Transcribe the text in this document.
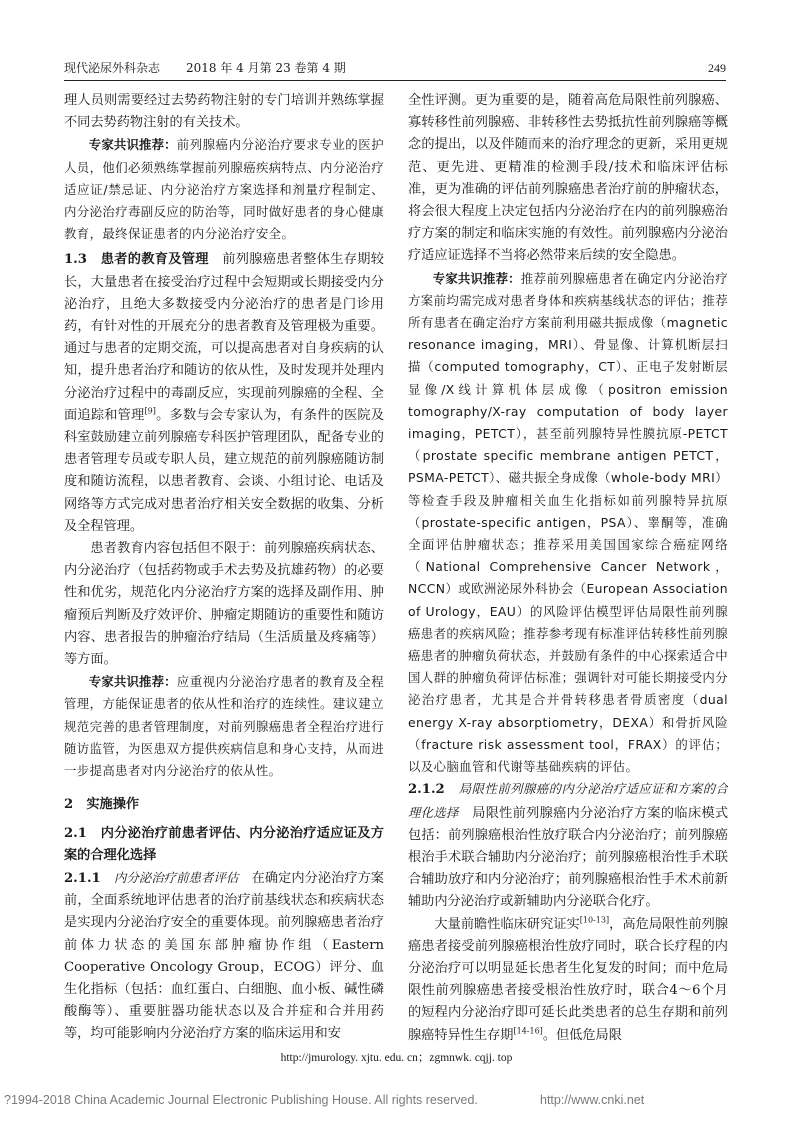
现代泌尿外科杂志 2018 年 4 月第 23 卷第 4 期	249

理人员则需要经过去势药物注射的专门培训并熟练掌握不同去势药物注射的有关技术。

专家共识推荐：前列腺癌内分泌治疗要求专业的医护人员，他们必须熟练掌握前列腺癌疾病特点、内分泌治疗适应证/禁忌证、内分泌治疗方案选择和剂量疗程制定、内分泌治疗毒副反应的防治等，同时做好患者的身心健康教育，最终保证患者的内分泌治疗安全。

1.3　患者的教育及管理　前列腺癌患者整体生存期较长，大量患者在接受治疗过程中会短期或长期接受内分泌治疗，且绝大多数接受内分泌治疗的患者是门诊用药，有针对性的开展充分的患者教育及管理极为重要。通过与患者的定期交流，可以提高患者对自身疾病的认知，提升患者治疗和随访的依从性，及时发现并处理内分泌治疗过程中的毒副反应，实现前列腺癌的全程、全面追踪和管理[9]。多数与会专家认为，有条件的医院及科室鼓励建立前列腺癌专科医护管理团队，配备专业的患者管理专员或专职人员，建立规范的前列腺癌随访制度和随访流程，以患者教育、会谈、小组讨论、电话及网络等方式完成对患者治疗相关安全数据的收集、分析及全程管理。

患者教育内容包括但不限于：前列腺癌疾病状态、内分泌治疗（包括药物或手术去势及抗雄药物）的必要性和优劣，规范化内分泌治疗方案的选择及副作用、肿瘤预后判断及疗效评价、肿瘤定期随访的重要性和随访内容、患者报告的肿瘤治疗结局（生活质量及疼痛等）等方面。

专家共识推荐：应重视内分泌治疗患者的教育及全程管理，方能保证患者的依从性和治疗的连续性。建议建立规范完善的患者管理制度，对前列腺癌患者全程治疗进行随访监管，为医患双方提供疾病信息和身心支持，从而进一步提高患者对内分泌治疗的依从性。

2　实施操作

2.1　内分泌治疗前患者评估、内分泌治疗适应证及方案的合理化选择

2.1.1　内分泌治疗前患者评估　在确定内分泌治疗方案前，全面系统地评估患者的治疗前基线状态和疾病状态是实现内分泌治疗安全的重要体现。前列腺癌患者治疗前体力状态的美国东部肿瘤协作组（Eastern Cooperative Oncology Group，ECOG）评分、血生化指标（包括：血红蛋白、白细胞、血小板、碱性磷酸酶等）、重要脏器功能状态以及合并症和合并用药等，均可能影响内分泌治疗方案的临床运用和安

全性评测。更为重要的是，随着高危局限性前列腺癌、寡转移性前列腺癌、非转移性去势抵抗性前列腺癌等概念的提出，以及伴随而来的治疗理念的更新，采用更规范、更先进、更精准的检测手段/技术和临床评估标准，更为准确的评估前列腺癌患者治疗前的肿瘤状态，将会很大程度上决定包括内分泌治疗在内的前列腺癌治疗方案的制定和临床实施的有效性。前列腺癌内分泌治疗适应证选择不当将必然带来后续的安全隐患。

专家共识推荐：推荐前列腺癌患者在确定内分泌治疗方案前均需完成对患者身体和疾病基线状态的评估；推荐所有患者在确定治疗方案前利用磁共振成像（magnetic resonance imaging，MRI）、骨显像、计算机断层扫描（computed tomography，CT）、正电子发射断层显像/X线计算机体层成像（positron emission tomography/X-ray computation of body layer imaging，PETCT），甚至前列腺特异性膜抗原-PETCT（prostate specific membrane antigen PETCT，PSMA-PETCT）、磁共振全身成像（whole-body MRI）等检查手段及肿瘤相关血生化指标如前列腺特异抗原（prostate-specific antigen，PSA）、睾酮等，准确全面评估肿瘤状态；推荐采用美国国家综合癌症网络（National Comprehensive Cancer Network，NCCN）或欧洲泌尿外科协会（European Association of Urology，EAU）的风险评估模型评估局限性前列腺癌患者的疾病风险；推荐参考现有标准评估转移性前列腺癌患者的肿瘤负荷状态，并鼓励有条件的中心探索适合中国人群的肿瘤负荷评估标准；强调针对可能长期接受内分泌治疗患者，尤其是合并骨转移患者骨质密度（dual energy X-ray absorptiometry，DEXA）和骨折风险（fracture risk assessment tool，FRAX）的评估；以及心脑血管和代谢等基础疾病的评估。

2.1.2　局限性前列腺癌的内分泌治疗适应证和方案的合理化选择　局限性前列腺癌内分泌治疗方案的临床模式包括：前列腺癌根治性放疗联合内分泌治疗；前列腺癌根治手术联合辅助内分泌治疗；前列腺癌根治性手术联合辅助放疗和内分泌治疗；前列腺癌根治性手术术前新辅助内分泌治疗或新辅助内分泌联合化疗。

大量前瞻性临床研究证实[10-13]，高危局限性前列腺癌患者接受前列腺癌根治性放疗同时，联合长疗程的内分泌治疗可以明显延长患者生化复发的时间；而中危局限性前列腺癌患者接受根治性放疗时，联合4～6个月的短程内分泌治疗即可延长此类患者的总生存期和前列腺癌特异性生存期[14-16]。但低危局限

http://jmurology. xjtu. edu. cn；zgmnwk. cqjj. top
?1994-2018 China Academic Journal Electronic Publishing House. All rights reserved.	http://www.cnki.net
